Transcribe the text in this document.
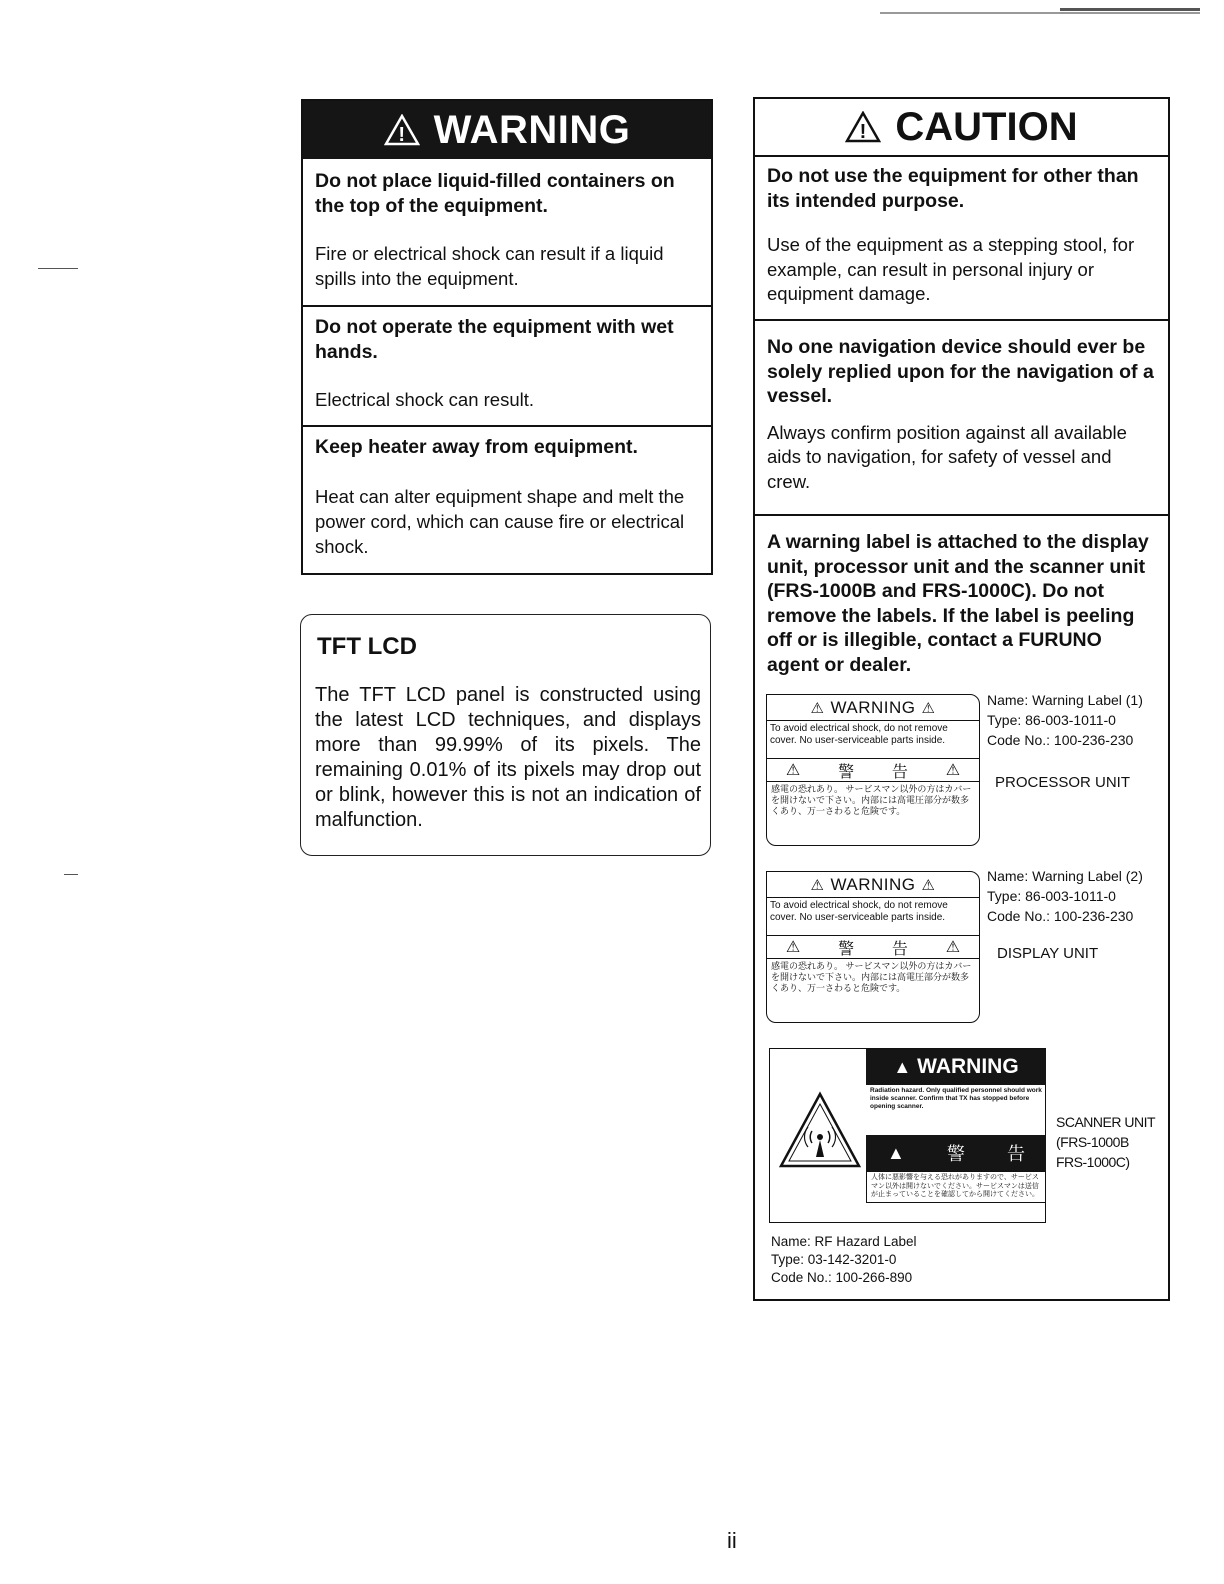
! WARNING
Do not place liquid-filled containers on the top of the equipment.
Fire or electrical shock can result if a liquid spills into the equipment.
Do not operate the equipment with wet hands.
Electrical shock can result.
Keep heater away from equipment.
Heat can alter equipment shape and melt the power cord, which can cause fire or electrical shock.
TFT LCD
The TFT LCD panel is constructed using the latest LCD techniques, and displays more than 99.99% of its pixels. The remaining 0.01% of its pixels may drop out or blink, however this is not an indication of malfunction.
! CAUTION
Do not use the equipment for other than its intended purpose.
Use of the equipment as a stepping stool, for example, can result in personal injury or equipment damage.
No one navigation device should ever be solely replied upon for the navigation of a vessel.
Always confirm position against all available aids to navigation, for safety of vessel and crew.
A warning label is attached to the display unit, processor unit and the scanner unit (FRS-1000B and FRS-1000C). Do not remove the labels. If the label is peeling off or is illegible, contact a FURUNO agent or dealer.
⚠ WARNING ⚠
To avoid electrical shock, do not remove cover. No user-serviceable parts inside.
⚠ 警 告 ⚠
感電の恐れあり。 サービスマン以外の方はカバーを開けないで下さい。内部には高電圧部分が数多くあり、万一さわると危険です。
Name: Warning Label (1)
Type: 86-003-1011-0
Code No.: 100-236-230
PROCESSOR UNIT
⚠ WARNING ⚠
To avoid electrical shock, do not remove cover. No user-serviceable parts inside.
⚠ 警 告 ⚠
感電の恐れあり。 サービスマン以外の方はカバーを開けないで下さい。内部には高電圧部分が数多くあり、万一さわると危険です。
Name: Warning Label (2)
Type: 86-003-1011-0
Code No.: 100-236-230
DISPLAY UNIT
▲ WARNING
Radiation hazard. Only qualified personnel should work inside scanner. Confirm that TX has stopped before opening scanner.
▲ 警 告
人体に悪影響を与える恐れがありますので、サービスマン以外は開けないでください。サービスマンは送信が止まっていることを確認してから開けてください。
SCANNER UNIT
(FRS-1000B
FRS-1000C)
Name: RF Hazard Label
Type: 03-142-3201-0
Code No.: 100-266-890
ii
